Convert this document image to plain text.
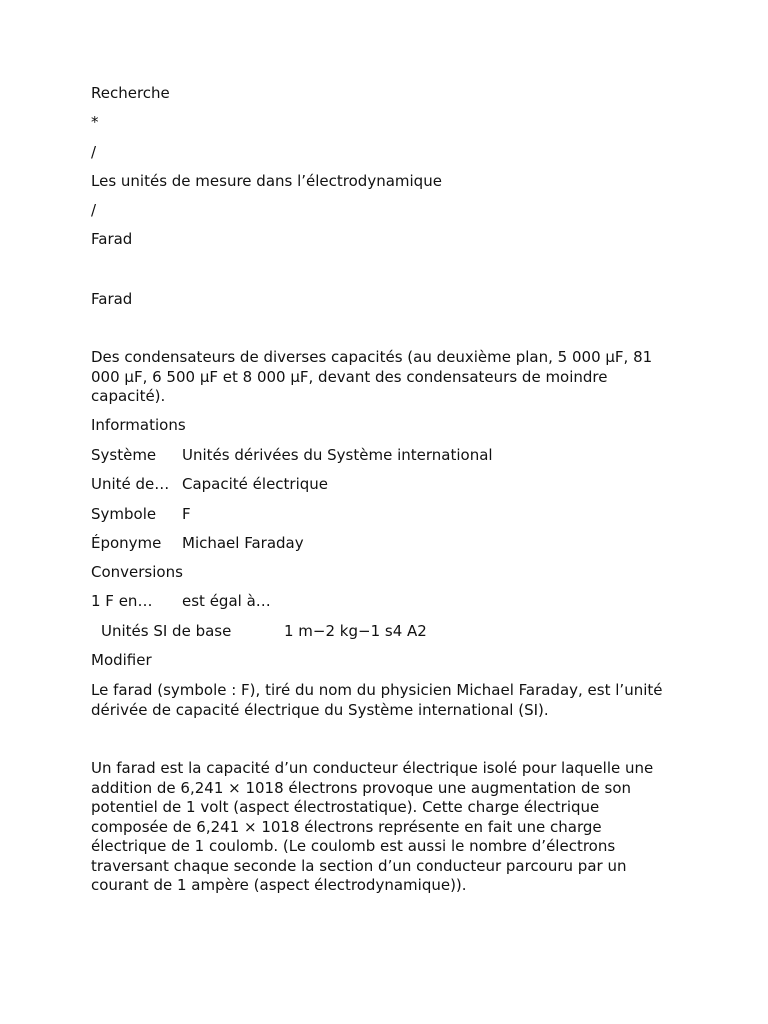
Recherche
*
/
Les unités de mesure dans l’électrodynamique
/
Farad
Farad
Des condensateurs de diverses capacités (au deuxième plan, 5 000 µF, 81 000 µF, 6 500 µF et 8 000 µF, devant des condensateurs de moindre capacité).
Informations
Système Unités dérivées du Système international
Unité de… Capacité électrique
Symbole F
Éponyme Michael Faraday
Conversions
1 F en… est égal à…
Unités SI de base	1 m−2 kg−1 s4 A2
Modifier
Le farad (symbole : F), tiré du nom du physicien Michael Faraday, est l’unité dérivée de capacité électrique du Système international (SI).
Un farad est la capacité d’un conducteur électrique isolé pour laquelle une addition de 6,241 × 1018 électrons provoque une augmentation de son potentiel de 1 volt (aspect électrostatique). Cette charge électrique composée de 6,241 × 1018 électrons représente en fait une charge électrique de 1 coulomb. (Le coulomb est aussi le nombre d’électrons traversant chaque seconde la section d’un conducteur parcouru par un courant de 1 ampère (aspect électrodynamique)).
